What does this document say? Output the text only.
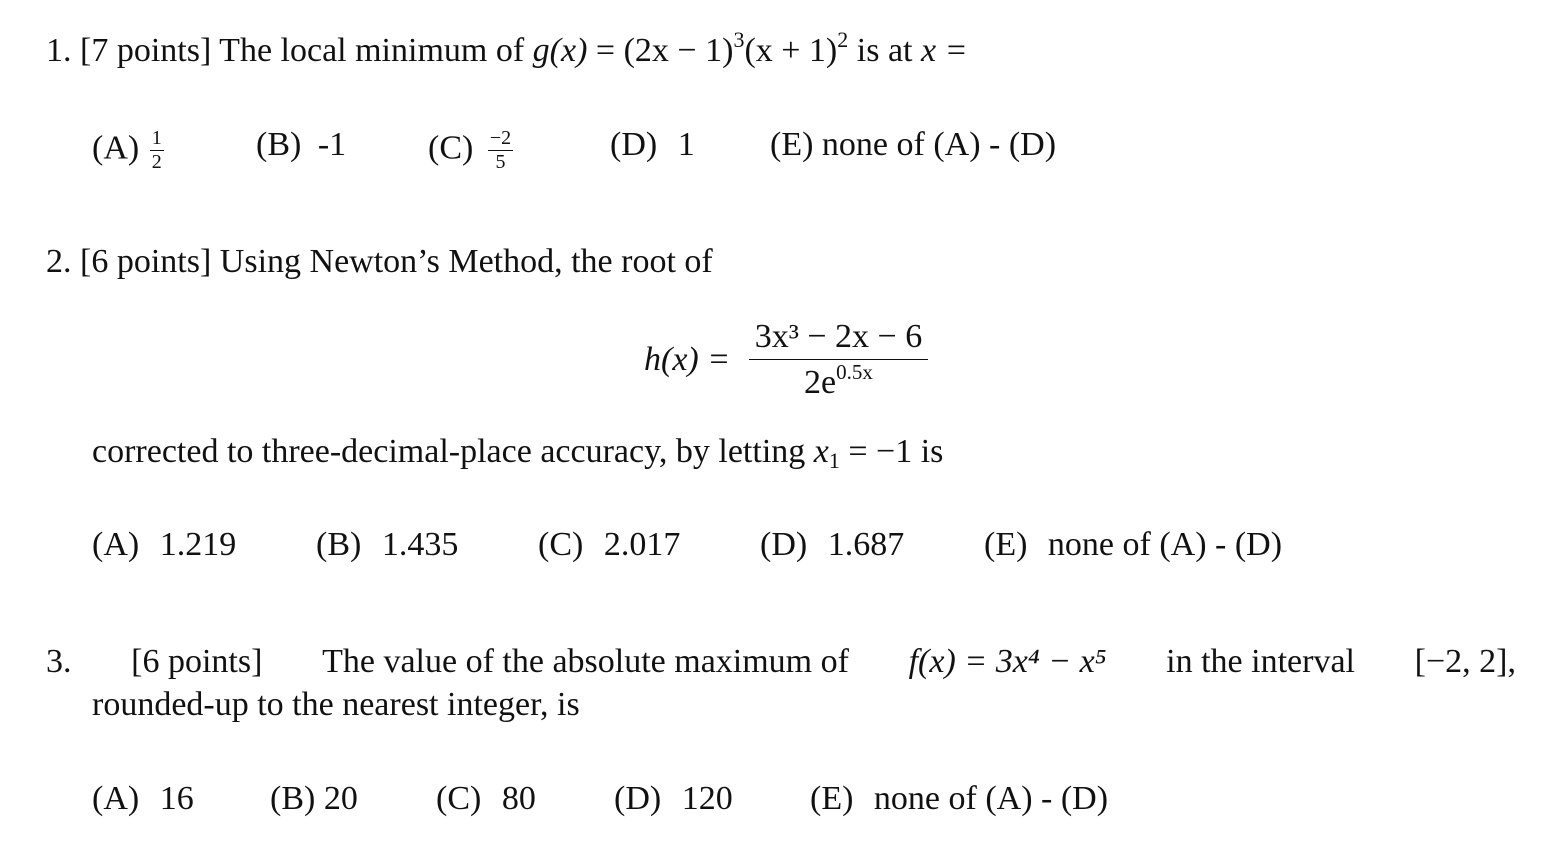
1. [7 points] The local minimum of $g(x) = (2x - 1)^3(x + 1)^2$ is at x =
$(A) \frac{1}{2}$	(B) -1 $(C) \frac{-2}{5}$	(D) 1 (E) none of (A) - (D)
2. [6 points] Using Newton’s Method, the root of
$h(x) = \frac{\text{3x³ − 2x − 6}}{2e^{0.5x}}$
corrected to three-decimal-place accuracy, by letting x1 = −1 is
(A) 1.219 (B) 1.435 (C) 2.017 (D) 1.687 (E) none of (A) - (D)
3. [6 points] The value of the absolute maximum of f(x) = 3x⁴ − x⁵ in the interval [−2, 2],
rounded-up to the nearest integer, is
(A) 16 (B) 20 (C) 80 (D) 120 (E) none of (A) - (D)
